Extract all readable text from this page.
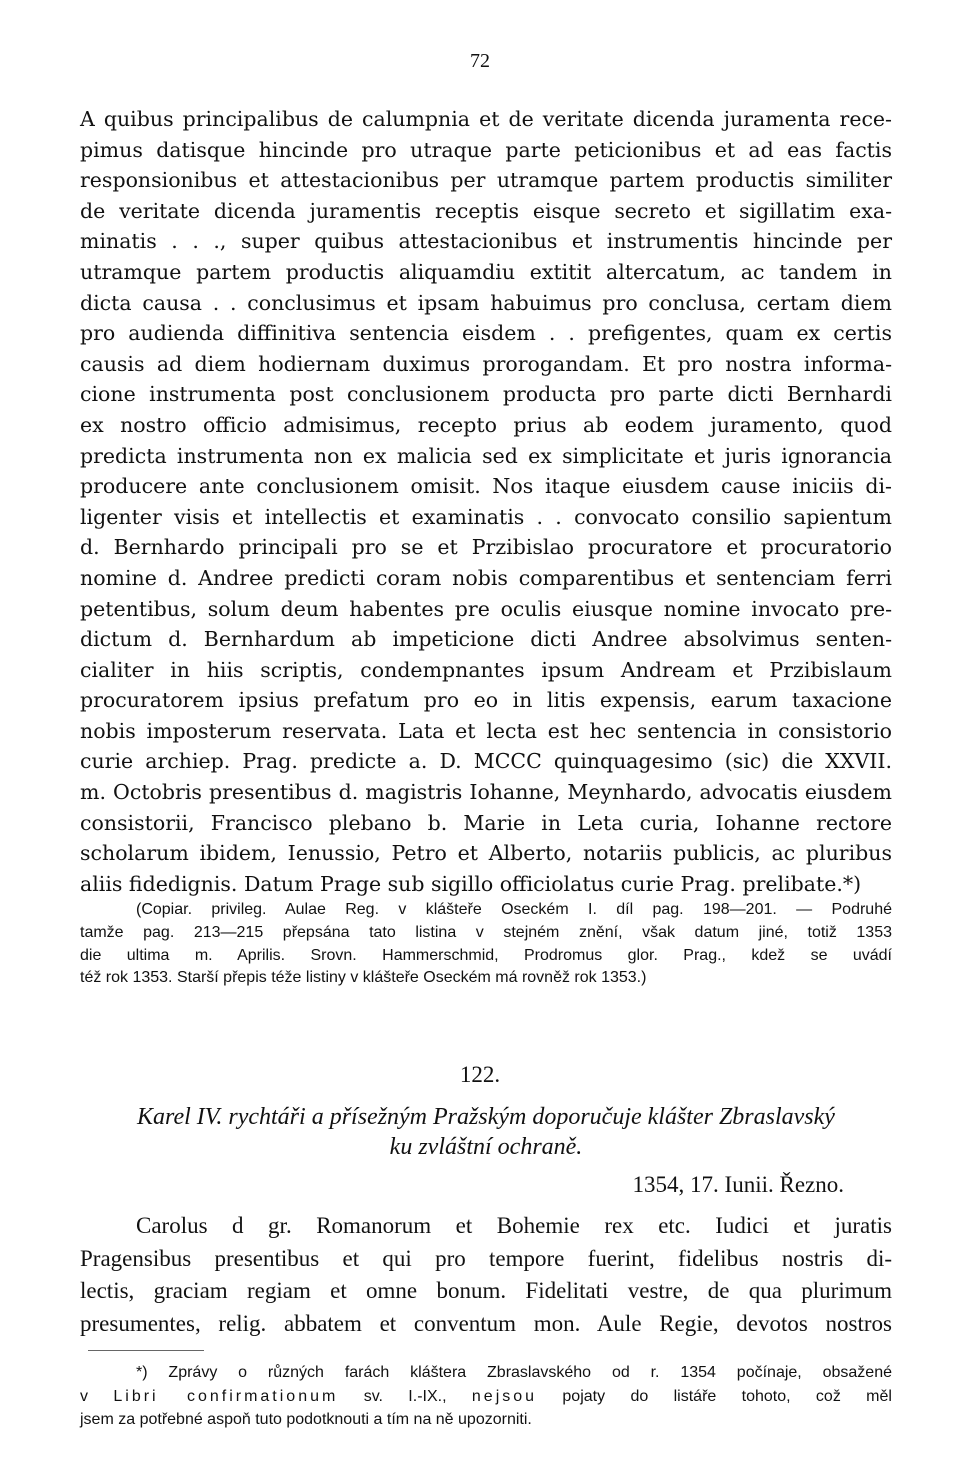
72
A quibus principalibus de calumpnia et de veritate dicenda juramenta rece-
pimus datisque hincinde pro utraque parte peticionibus et ad eas factis
responsionibus et attestacionibus per utramque partem productis similiter
de veritate dicenda juramentis receptis eisque secreto et sigillatim exa-
minatis . . ., super quibus attestacionibus et instrumentis hincinde per
utramque partem productis aliquamdiu extitit altercatum, ac tandem in
dicta causa . . conclusimus et ipsam habuimus pro conclusa, certam diem
pro audienda diffinitiva sentencia eisdem . . prefigentes, quam ex certis
causis ad diem hodiernam duximus prorogandam. Et pro nostra informa-
cione instrumenta post conclusionem producta pro parte dicti Bernhardi
ex nostro officio admisimus, recepto prius ab eodem juramento, quod
predicta instrumenta non ex malicia sed ex simplicitate et juris ignorancia
producere ante conclusionem omisit. Nos itaque eiusdem cause iniciis di-
ligenter visis et intellectis et examinatis . . convocato consilio sapientum
d. Bernhardo principali pro se et Przibislao procuratore et procuratorio
nomine d. Andree predicti coram nobis comparentibus et sentenciam ferri
petentibus, solum deum habentes pre oculis eiusque nomine invocato pre-
dictum d. Bernhardum ab impeticione dicti Andree absolvimus senten-
cialiter in hiis scriptis, condempnantes ipsum Andream et Przibislaum
procuratorem ipsius prefatum pro eo in litis expensis, earum taxacione
nobis imposterum reservata. Lata et lecta est hec sentencia in consistorio
curie archiep. Prag. predicte a. D. MCCC quinquagesimo (sic) die XXVII.
m. Octobris presentibus d. magistris Iohanne, Meynhardo, advocatis eiusdem
consistorii, Francisco plebano b. Marie in Leta curia, Iohanne rectore
scholarum ibidem, Ienussio, Petro et Alberto, notariis publicis, ac pluribus
aliis fidedignis. Datum Prage sub sigillo officiolatus curie Prag. prelibate.*)
(Copiar. privileg. Aulae Reg. v klášteře Oseckém I. díl pag. 198—201. — Podruhé
tamže pag. 213—215 přepsána tato listina v stejném znění, však datum jiné, totiž 1353
die ultima m. Aprilis. Srovn. Hammerschmid, Prodromus glor. Prag., kdež se uvádí
též rok 1353. Starší přepis téže listiny v klášteře Oseckém má rovněž rok 1353.)
122.
Karel IV. rychtáři a přísežným Pražským doporučuje klášter Zbraslavský
ku zvláštní ochraně.
1354, 17. Iunii. Řezno.
Carolus d gr. Romanorum et Bohemie rex etc. Iudici et juratis
Pragensibus presentibus et qui pro tempore fuerint, fidelibus nostris di-
lectis, graciam regiam et omne bonum. Fidelitati vestre, de qua plurimum
presumentes, relig. abbatem et conventum mon. Aule Regie, devotos nostros
*) Zprávy o různých farách kláštera Zbraslavského od r. 1354 počínaje, obsažené
v Libri confirmationum sv. I.-IX., nejsou pojaty do listáře tohoto, což měl
jsem za potřebné aspoň tuto podotknouti a tím na ně upozorniti.
